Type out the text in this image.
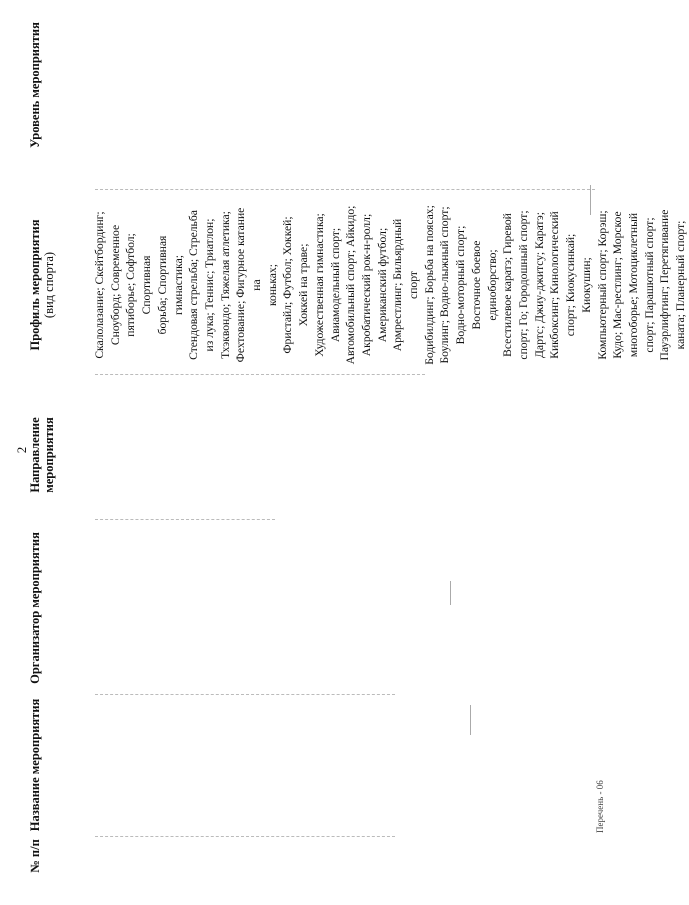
2
№ п/п
Название мероприятия
Организатор мероприятия
Направление мероприятия
Профиль мероприятия (вид спорта)
Уровень мероприятия
Скалолазание; Скейтбординг; Сноуборд; Современное пятиборье; Софтбол; Спортивная борьба; Спортивная гимнастика; Стендовая стрельба; Стрельба из лука; Теннис; Триатлон; Тхэквондо; Тяжелая атлетика; Фехтование; Фигурное катание на коньках; Фристайл; Футбол; Хоккей; Хоккей на траве; Художественная гимнастика; Авиамодельный спорт; Автомобильный спорт; Айкидо; Акробатический рок-н-ролл; Американский футбол; Армрестлинг; Бильярдный спорт Бодибилдинг; Борьба на поясах; Боулинг; Водно-лыжный спорт; Водно-моторный спорт; Восточное боевое единоборство; Всестилевое каратэ; Гиревой спорт; Го; Городошный спорт; Дартс; Джиу-джитсу; Каратэ; Кикбоксинг; Кинологический спорт; Киокусинкай; Киокушин; Компьютерный спорт; Корэш; Кудо; Мас-рестлинг; Морское многоборье; Мотоциклетный спорт; Парашютный спорт; Пауэрлифтинг; Перетягивание каната; Планерный спорт;
Перечень - 06
